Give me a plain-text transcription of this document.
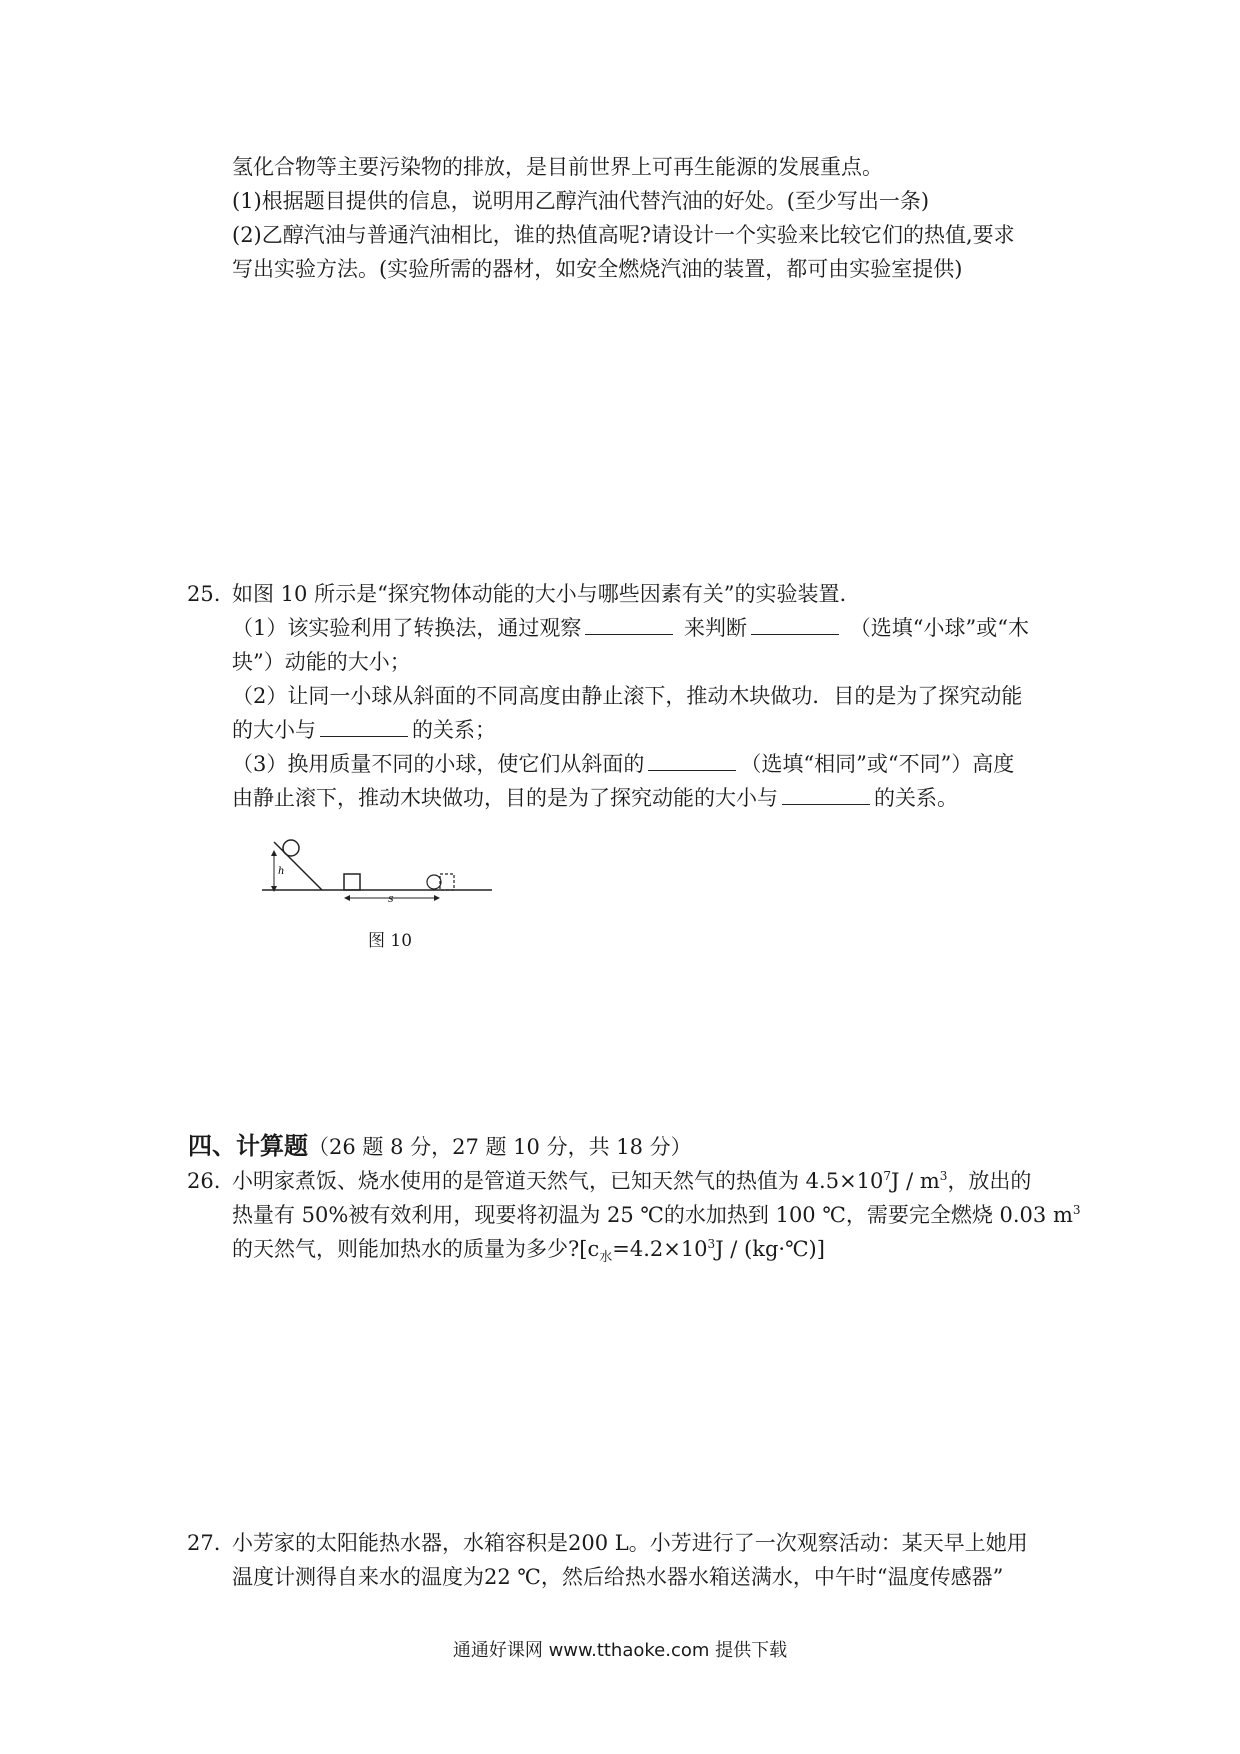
氢化合物等主要污染物的排放，是目前世界上可再生能源的发展重点。
(1)根据题目提供的信息，说明用乙醇汽油代替汽油的好处。(至少写出一条)
(2)乙醇汽油与普通汽油相比，谁的热值高呢?请设计一个实验来比较它们的热值,要求
写出实验方法。(实验所需的器材，如安全燃烧汽油的装置，都可由实验室提供)
25. 如图 10 所示是“探究物体动能的大小与哪些因素有关”的实验装置.
（1）该实验利用了转换法，通过观察	来判断	（选填“小球”或“木
块”）动能的大小；
（2）让同一小球从斜面的不同高度由静止滚下，推动木块做功．目的是为了探究动能
的大小与	的关系；
（3）换用质量不同的小球，使它们从斜面的	（选填“相同”或“不同”）高度
由静止滚下，推动木块做功，目的是为了探究动能的大小与	的关系。
h
s
图 10
四、计算题（26 题 8 分，27 题 10 分，共 18 分）
26. 小明家煮饭、烧水使用的是管道天然气，已知天然气的热值为 $4.5\times 10^7J / m^3$，放出的
热量有 50%被有效利用，现要将初温为 25 ℃的水加热到 100 ℃，需要完全燃烧 0.03 $m^3$
的天然气，则能加热水的质量为多少$?[c_水=4.2\times 10^3J$ / (kg·℃)]
27. 小芳家的太阳能热水器，水箱容积是200 L。小芳进行了一次观察活动：某天早上她用
温度计测得自来水的温度为22 ℃，然后给热水器水箱送满水，中午时“温度传感器”
通通好课网 www.tthaoke.com 提供下载
